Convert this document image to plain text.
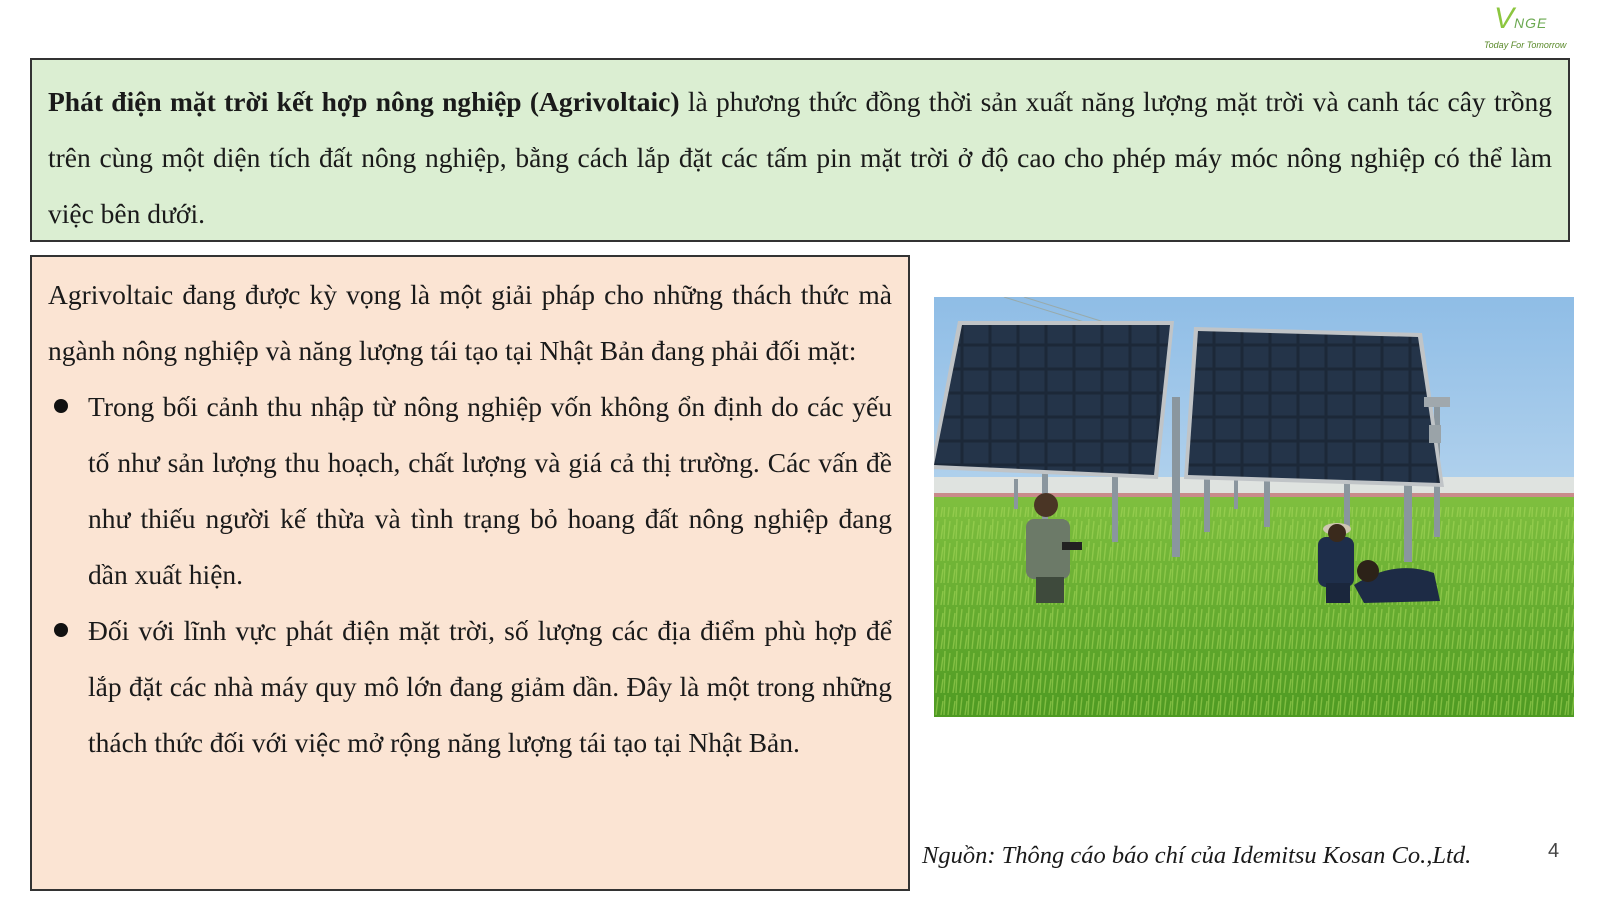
V NGE
Today For Tomorrow
Phát điện mặt trời kết hợp nông nghiệp (Agrivoltaic) là phương thức đồng thời sản xuất năng lượng mặt trời và canh tác cây trồng trên cùng một diện tích đất nông nghiệp, bằng cách lắp đặt các tấm pin mặt trời ở độ cao cho phép máy móc nông nghiệp có thể làm việc bên dưới.

Agrivoltaic đang được kỳ vọng là một giải pháp cho những thách thức mà ngành nông nghiệp và năng lượng tái tạo tại Nhật Bản đang phải đối mặt:

Trong bối cảnh thu nhập từ nông nghiệp vốn không ổn định do các yếu tố như sản lượng thu hoạch, chất lượng và giá cả thị trường. Các vấn đề như thiếu người kế thừa và tình trạng bỏ hoang đất nông nghiệp đang dần xuất hiện.
Đối với lĩnh vực phát điện mặt trời, số lượng các địa điểm phù hợp để lắp đặt các nhà máy quy mô lớn đang giảm dần. Đây là một trong những thách thức đối với việc mở rộng năng lượng tái tạo tại Nhật Bản.
Nguồn: Thông cáo báo chí của Idemitsu Kosan Co.,Ltd.	4
